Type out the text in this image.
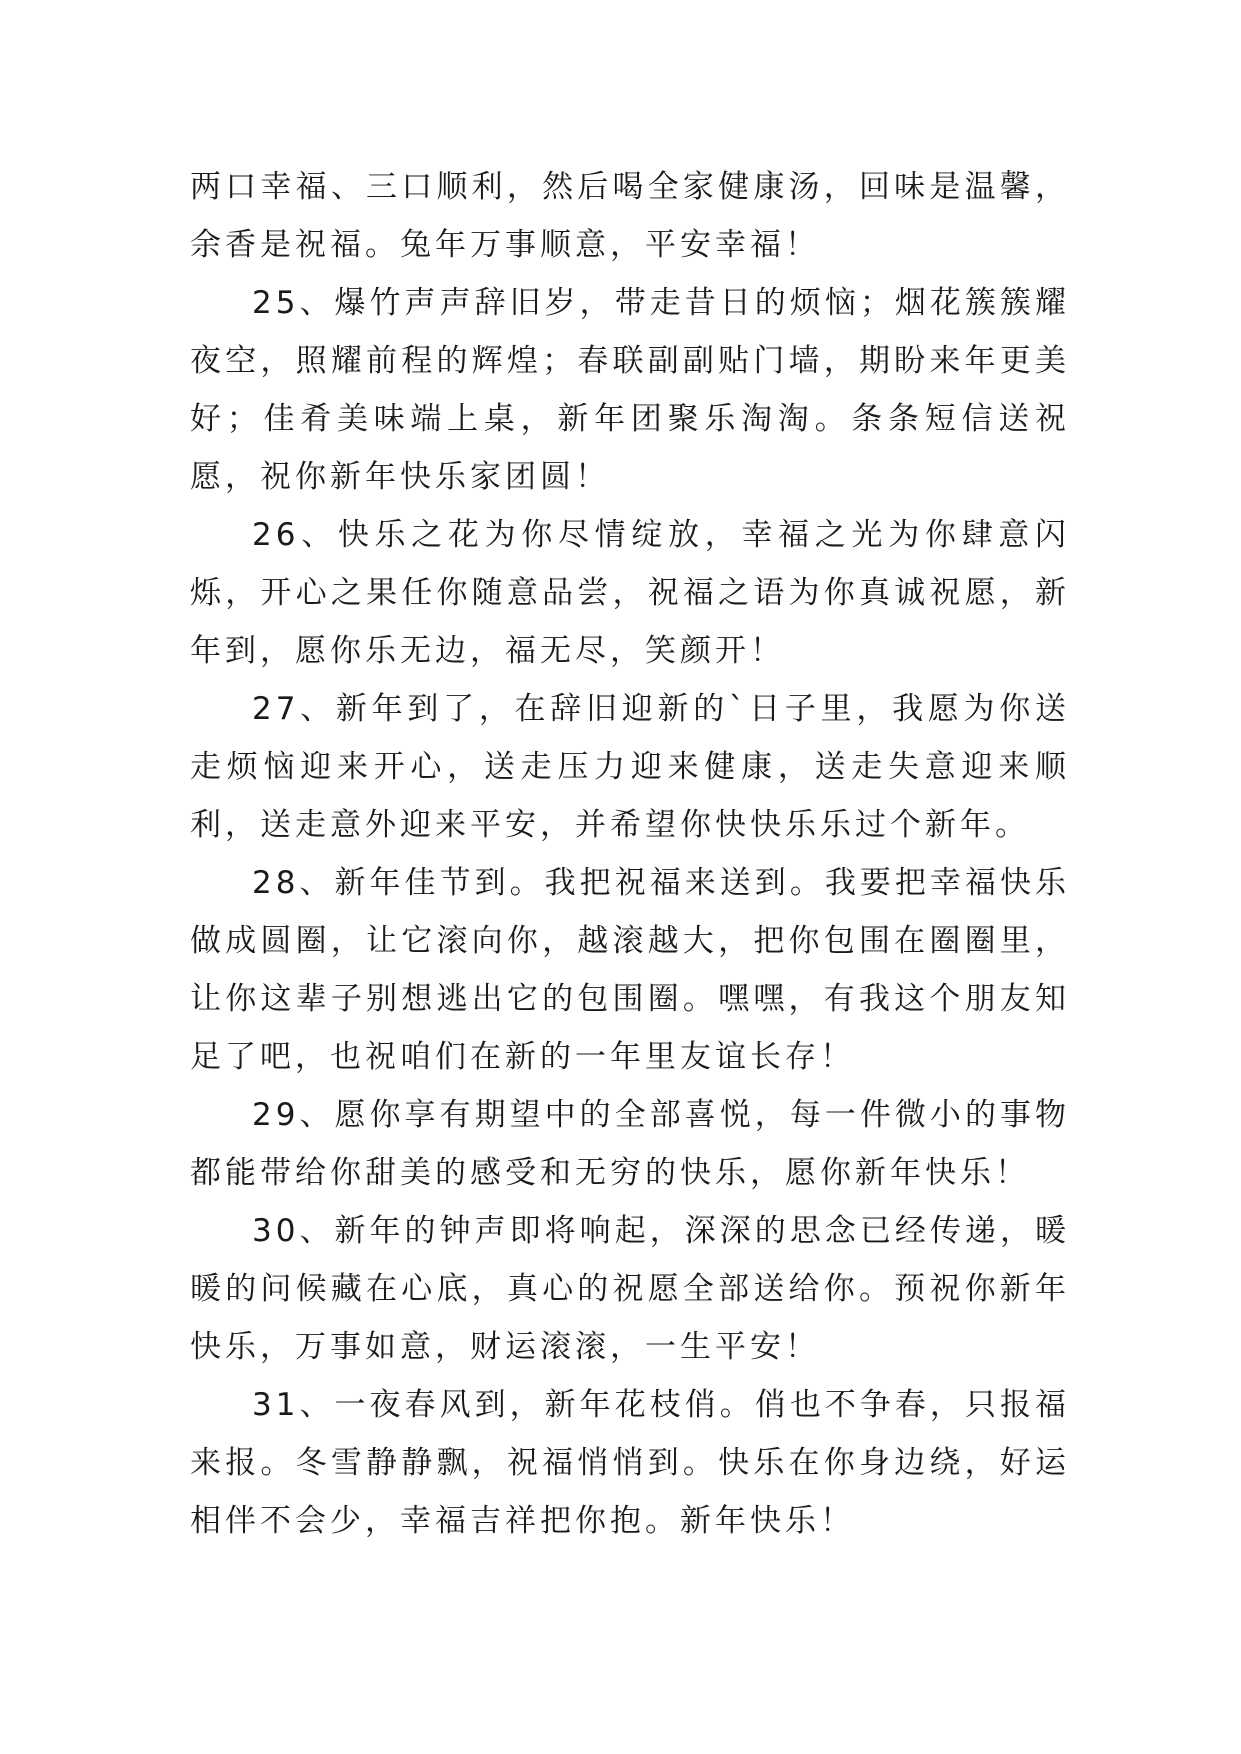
两口幸福、三口顺利，然后喝全家健康汤，回味是温馨，余香是祝福。兔年万事顺意，平安幸福！

25、爆竹声声辞旧岁，带走昔日的烦恼；烟花簇簇耀夜空，照耀前程的辉煌；春联副副贴门墙，期盼来年更美好；佳肴美味端上桌，新年团聚乐淘淘。条条短信送祝愿，祝你新年快乐家团圆！

26、快乐之花为你尽情绽放，幸福之光为你肆意闪烁，开心之果任你随意品尝，祝福之语为你真诚祝愿，新年到，愿你乐无边，福无尽，笑颜开！

27、新年到了，在辞旧迎新的`日子里，我愿为你送走烦恼迎来开心，送走压力迎来健康，送走失意迎来顺利，送走意外迎来平安，并希望你快快乐乐过个新年。

28、新年佳节到。我把祝福来送到。我要把幸福快乐做成圆圈，让它滚向你，越滚越大，把你包围在圈圈里，让你这辈子别想逃出它的包围圈。嘿嘿，有我这个朋友知足了吧，也祝咱们在新的一年里友谊长存！

29、愿你享有期望中的全部喜悦，每一件微小的事物都能带给你甜美的感受和无穷的快乐，愿你新年快乐！

30、新年的钟声即将响起，深深的思念已经传递，暖暖的问候藏在心底，真心的祝愿全部送给你。预祝你新年快乐，万事如意，财运滚滚，一生平安！

31、一夜春风到，新年花枝俏。俏也不争春，只报福来报。冬雪静静飘，祝福悄悄到。快乐在你身边绕，好运相伴不会少，幸福吉祥把你抱。新年快乐！
